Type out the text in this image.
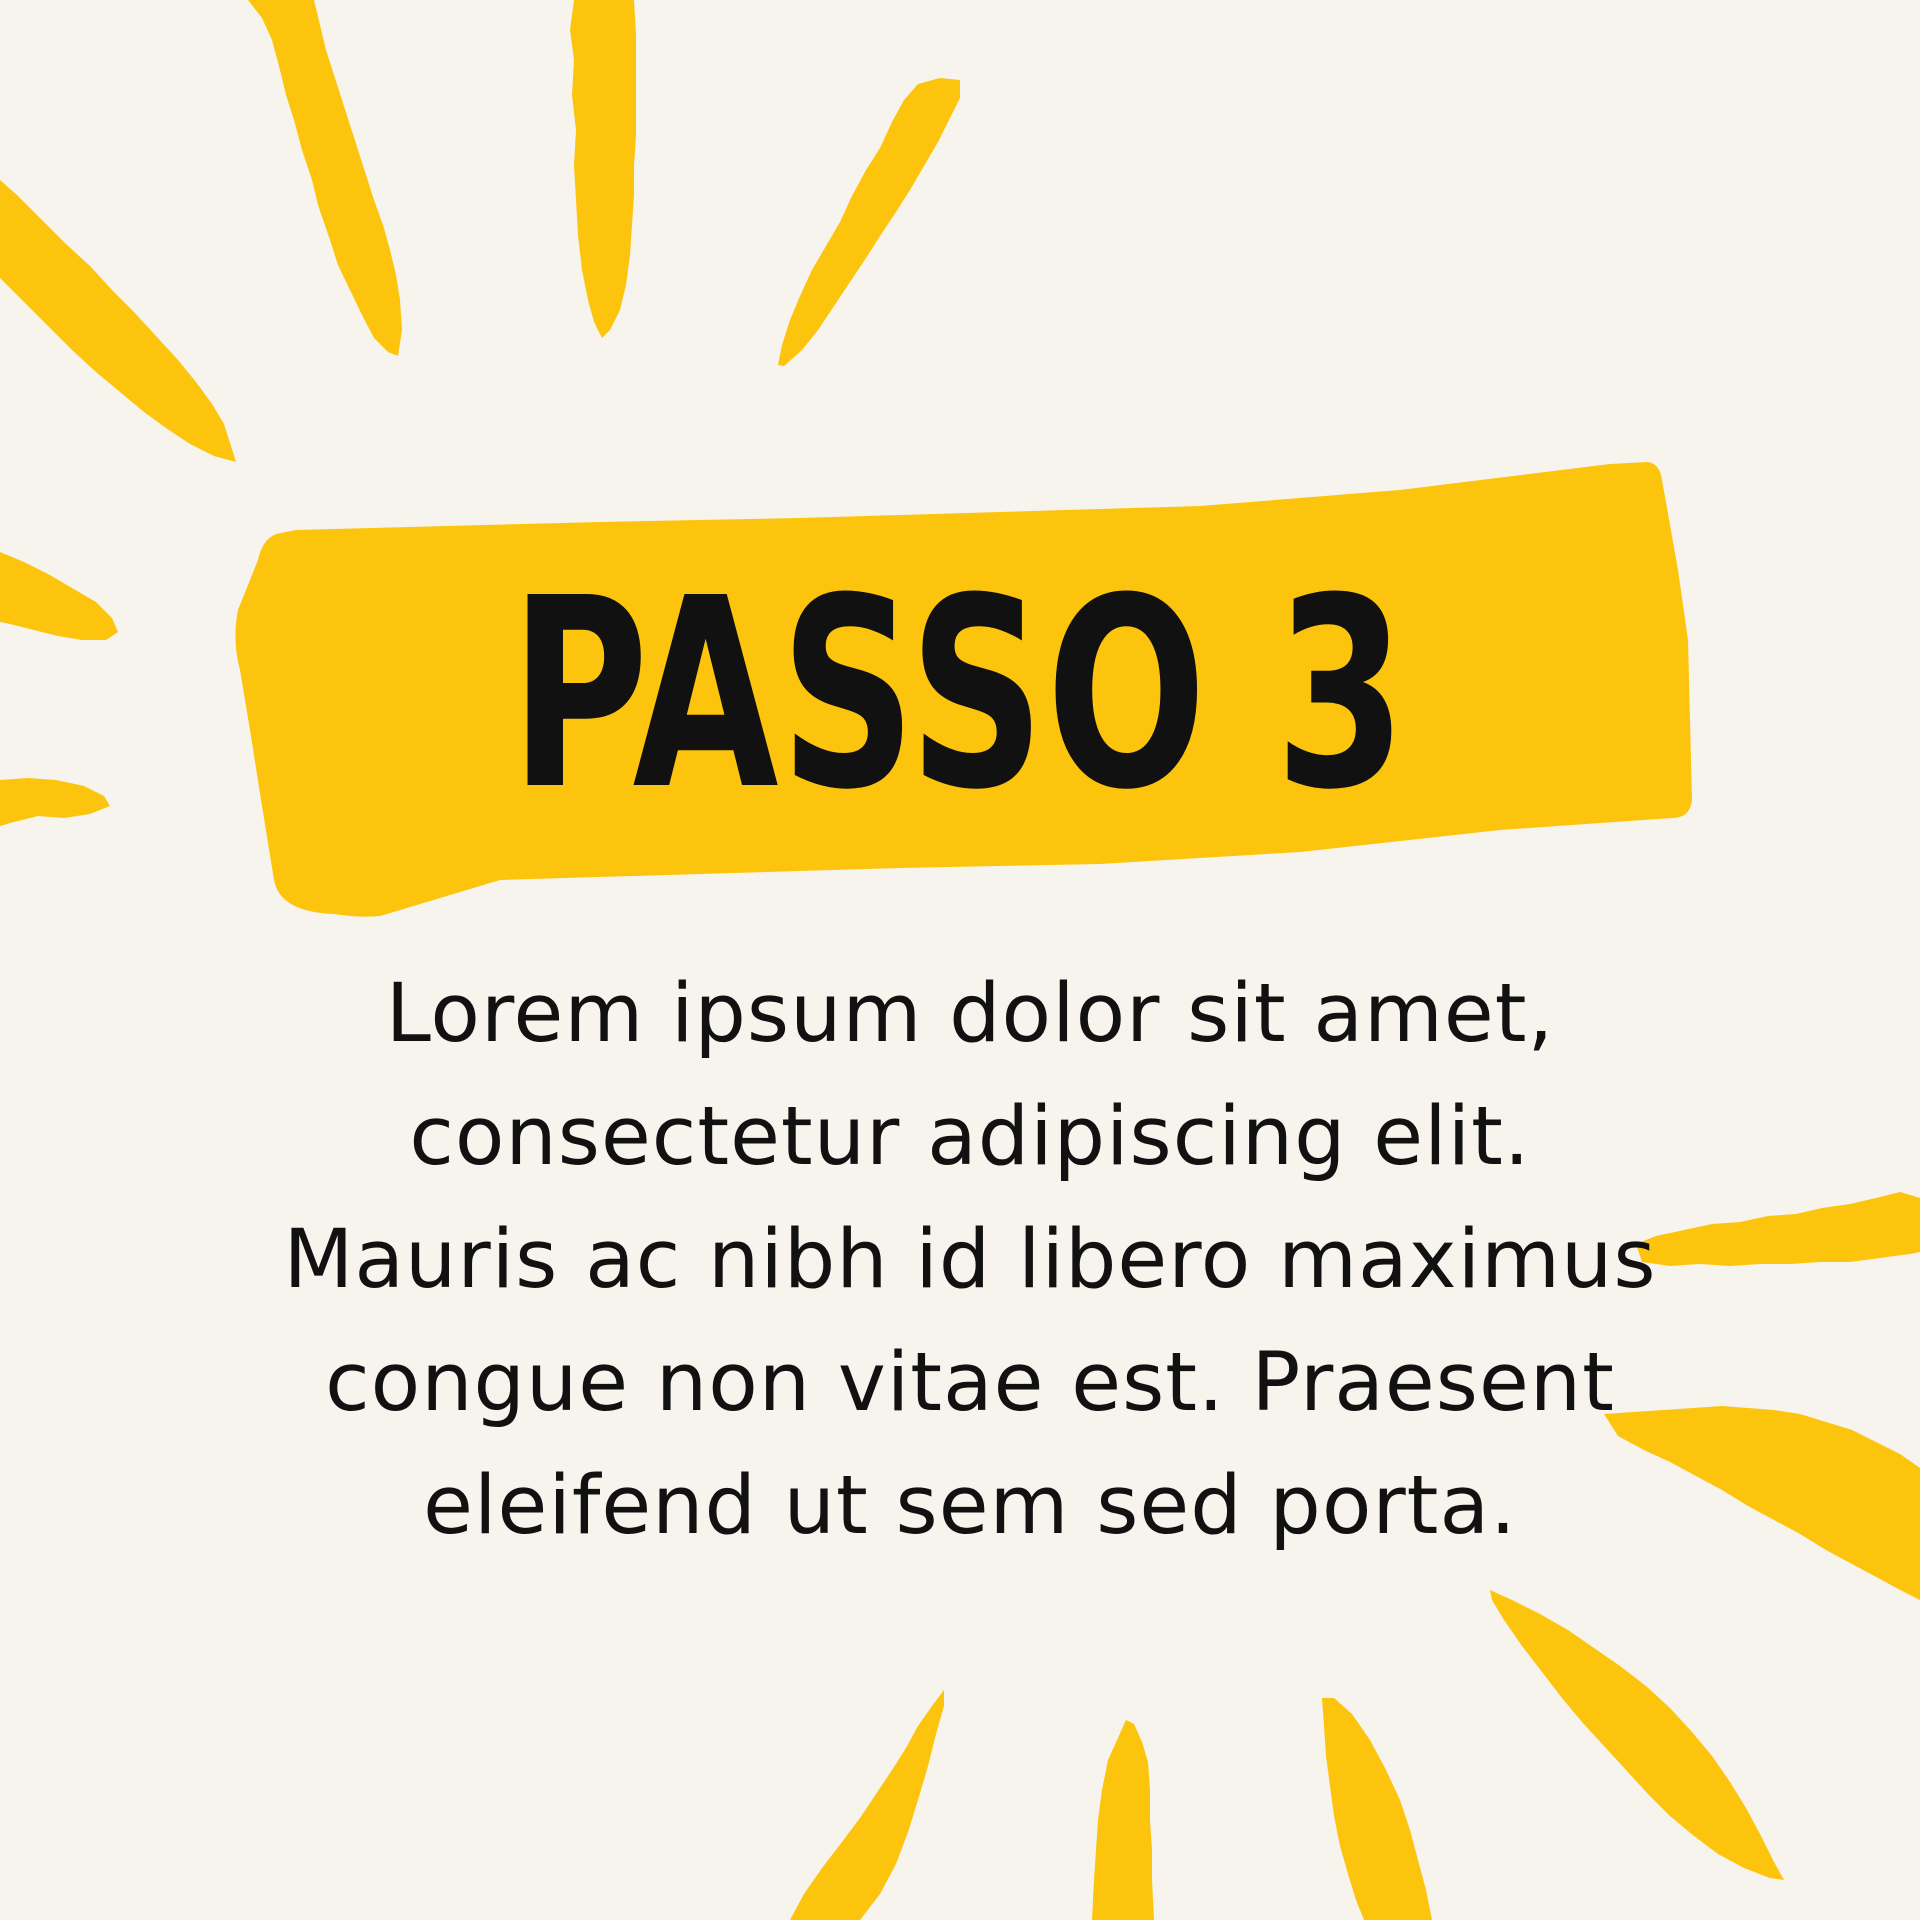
PASSO 3

Lorem ipsum dolor sit amet, consectetur adipiscing elit. Mauris ac nibh id libero maximus congue non vitae est. Praesent eleifend ut sem sed porta.
